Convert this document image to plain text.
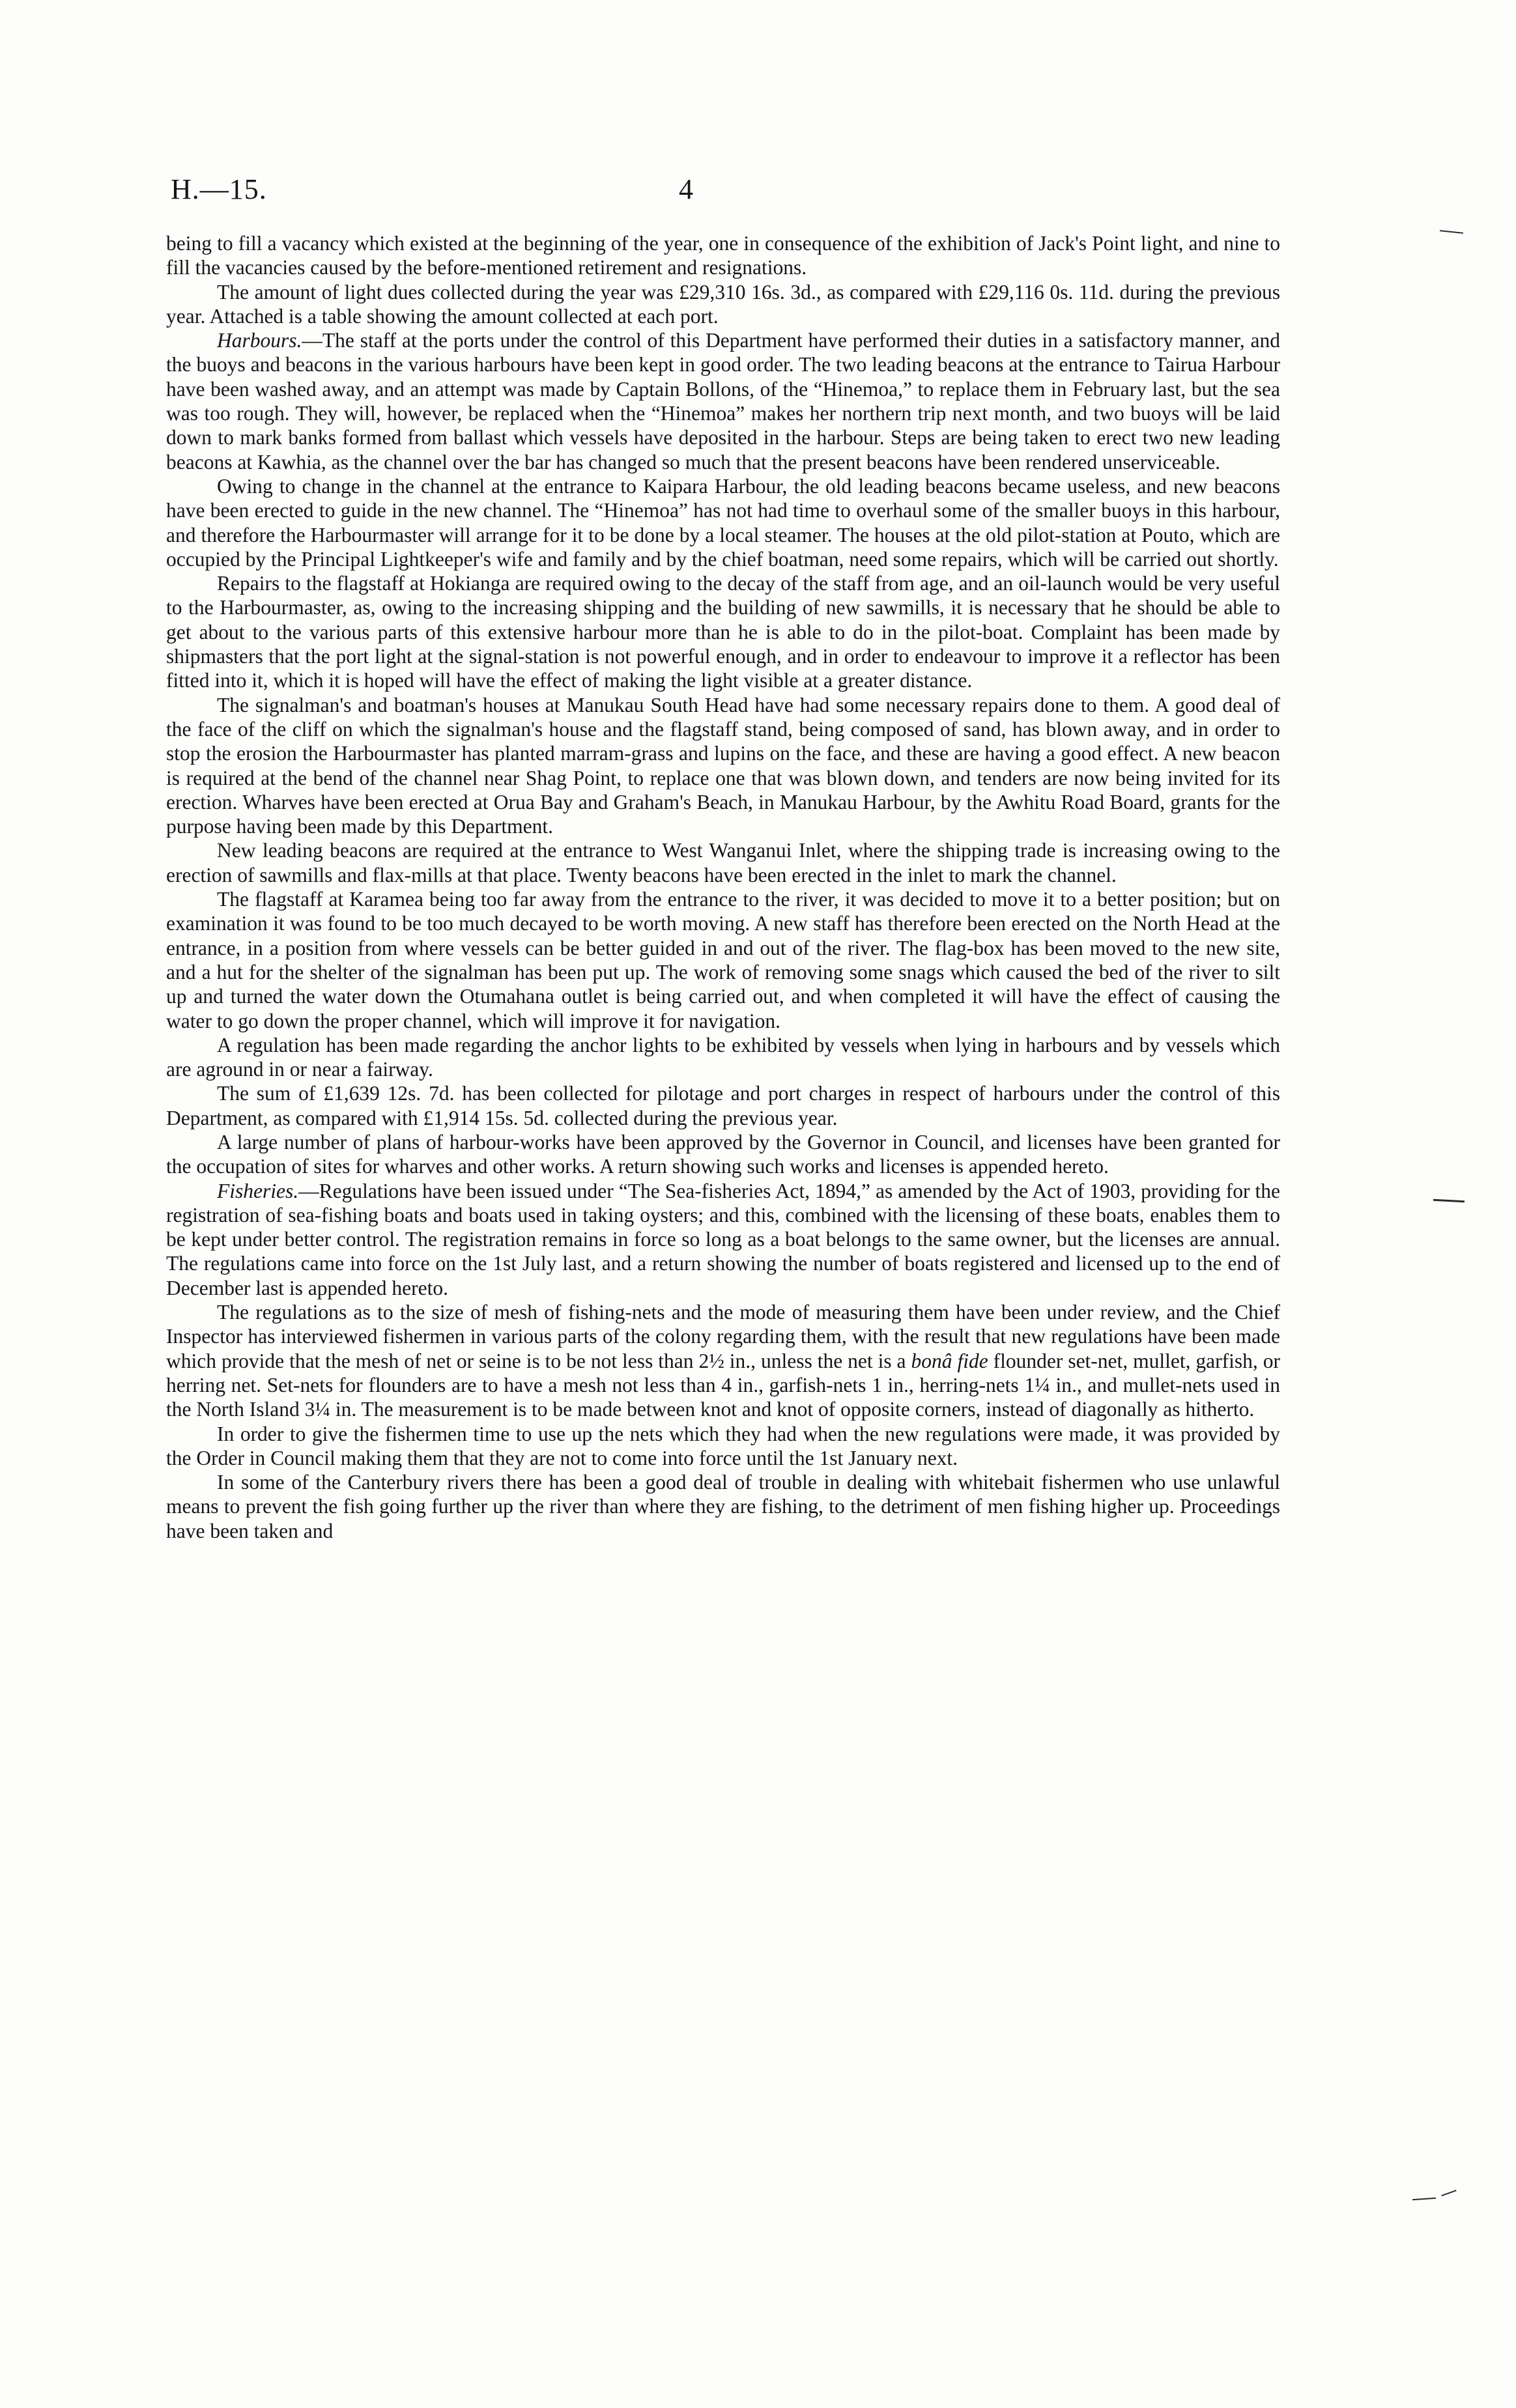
H.—15.	4

being to fill a vacancy which existed at the beginning of the year, one in consequence of the exhibition of Jack's Point light, and nine to fill the vacancies caused by the before-mentioned retirement and resignations.

The amount of light dues collected during the year was £29,310 16s. 3d., as compared with £29,116 0s. 11d. during the previous year. Attached is a table showing the amount collected at each port.

Harbours.—The staff at the ports under the control of this Department have performed their duties in a satisfactory manner, and the buoys and beacons in the various harbours have been kept in good order. The two leading beacons at the entrance to Tairua Harbour have been washed away, and an attempt was made by Captain Bollons, of the “Hinemoa,” to replace them in February last, but the sea was too rough. They will, however, be replaced when the “Hinemoa” makes her northern trip next month, and two buoys will be laid down to mark banks formed from ballast which vessels have deposited in the harbour. Steps are being taken to erect two new leading beacons at Kawhia, as the channel over the bar has changed so much that the present beacons have been rendered unserviceable.

Owing to change in the channel at the entrance to Kaipara Harbour, the old leading beacons became useless, and new beacons have been erected to guide in the new channel. The “Hinemoa” has not had time to overhaul some of the smaller buoys in this harbour, and therefore the Harbourmaster will arrange for it to be done by a local steamer. The houses at the old pilot-station at Pouto, which are occupied by the Principal Lightkeeper's wife and family and by the chief boatman, need some repairs, which will be carried out shortly.

Repairs to the flagstaff at Hokianga are required owing to the decay of the staff from age, and an oil-launch would be very useful to the Harbourmaster, as, owing to the increasing shipping and the building of new sawmills, it is necessary that he should be able to get about to the various parts of this extensive harbour more than he is able to do in the pilot-boat. Complaint has been made by shipmasters that the port light at the signal-station is not powerful enough, and in order to endeavour to improve it a reflector has been fitted into it, which it is hoped will have the effect of making the light visible at a greater distance.

The signalman's and boatman's houses at Manukau South Head have had some necessary repairs done to them. A good deal of the face of the cliff on which the signalman's house and the flagstaff stand, being composed of sand, has blown away, and in order to stop the erosion the Harbourmaster has planted marram-grass and lupins on the face, and these are having a good effect. A new beacon is required at the bend of the channel near Shag Point, to replace one that was blown down, and tenders are now being invited for its erection. Wharves have been erected at Orua Bay and Graham's Beach, in Manukau Harbour, by the Awhitu Road Board, grants for the purpose having been made by this Department.

New leading beacons are required at the entrance to West Wanganui Inlet, where the shipping trade is increasing owing to the erection of sawmills and flax-mills at that place. Twenty beacons have been erected in the inlet to mark the channel.

The flagstaff at Karamea being too far away from the entrance to the river, it was decided to move it to a better position; but on examination it was found to be too much decayed to be worth moving. A new staff has therefore been erected on the North Head at the entrance, in a position from where vessels can be better guided in and out of the river. The flag-box has been moved to the new site, and a hut for the shelter of the signalman has been put up. The work of removing some snags which caused the bed of the river to silt up and turned the water down the Otumahana outlet is being carried out, and when completed it will have the effect of causing the water to go down the proper channel, which will improve it for navigation.

A regulation has been made regarding the anchor lights to be exhibited by vessels when lying in harbours and by vessels which are aground in or near a fairway.

The sum of £1,639 12s. 7d. has been collected for pilotage and port charges in respect of harbours under the control of this Department, as compared with £1,914 15s. 5d. collected during the previous year.

A large number of plans of harbour-works have been approved by the Governor in Council, and licenses have been granted for the occupation of sites for wharves and other works. A return showing such works and licenses is appended hereto.

Fisheries.—Regulations have been issued under “The Sea-fisheries Act, 1894,” as amended by the Act of 1903, providing for the registration of sea-fishing boats and boats used in taking oysters; and this, combined with the licensing of these boats, enables them to be kept under better control. The registration remains in force so long as a boat belongs to the same owner, but the licenses are annual. The regulations came into force on the 1st July last, and a return showing the number of boats registered and licensed up to the end of December last is appended hereto.

The regulations as to the size of mesh of fishing-nets and the mode of measuring them have been under review, and the Chief Inspector has interviewed fishermen in various parts of the colony regarding them, with the result that new regulations have been made which provide that the mesh of net or seine is to be not less than 2½ in., unless the net is a bonâ fide flounder set-net, mullet, garfish, or herring net. Set-nets for flounders are to have a mesh not less than 4 in., garfish-nets 1 in., herring-nets 1¼ in., and mullet-nets used in the North Island 3¼ in. The measurement is to be made between knot and knot of opposite corners, instead of diagonally as hitherto.

In order to give the fishermen time to use up the nets which they had when the new regulations were made, it was provided by the Order in Council making them that they are not to come into force until the 1st January next.

In some of the Canterbury rivers there has been a good deal of trouble in dealing with whitebait fishermen who use unlawful means to prevent the fish going further up the river than where they are fishing, to the detriment of men fishing higher up. Proceedings have been taken and
